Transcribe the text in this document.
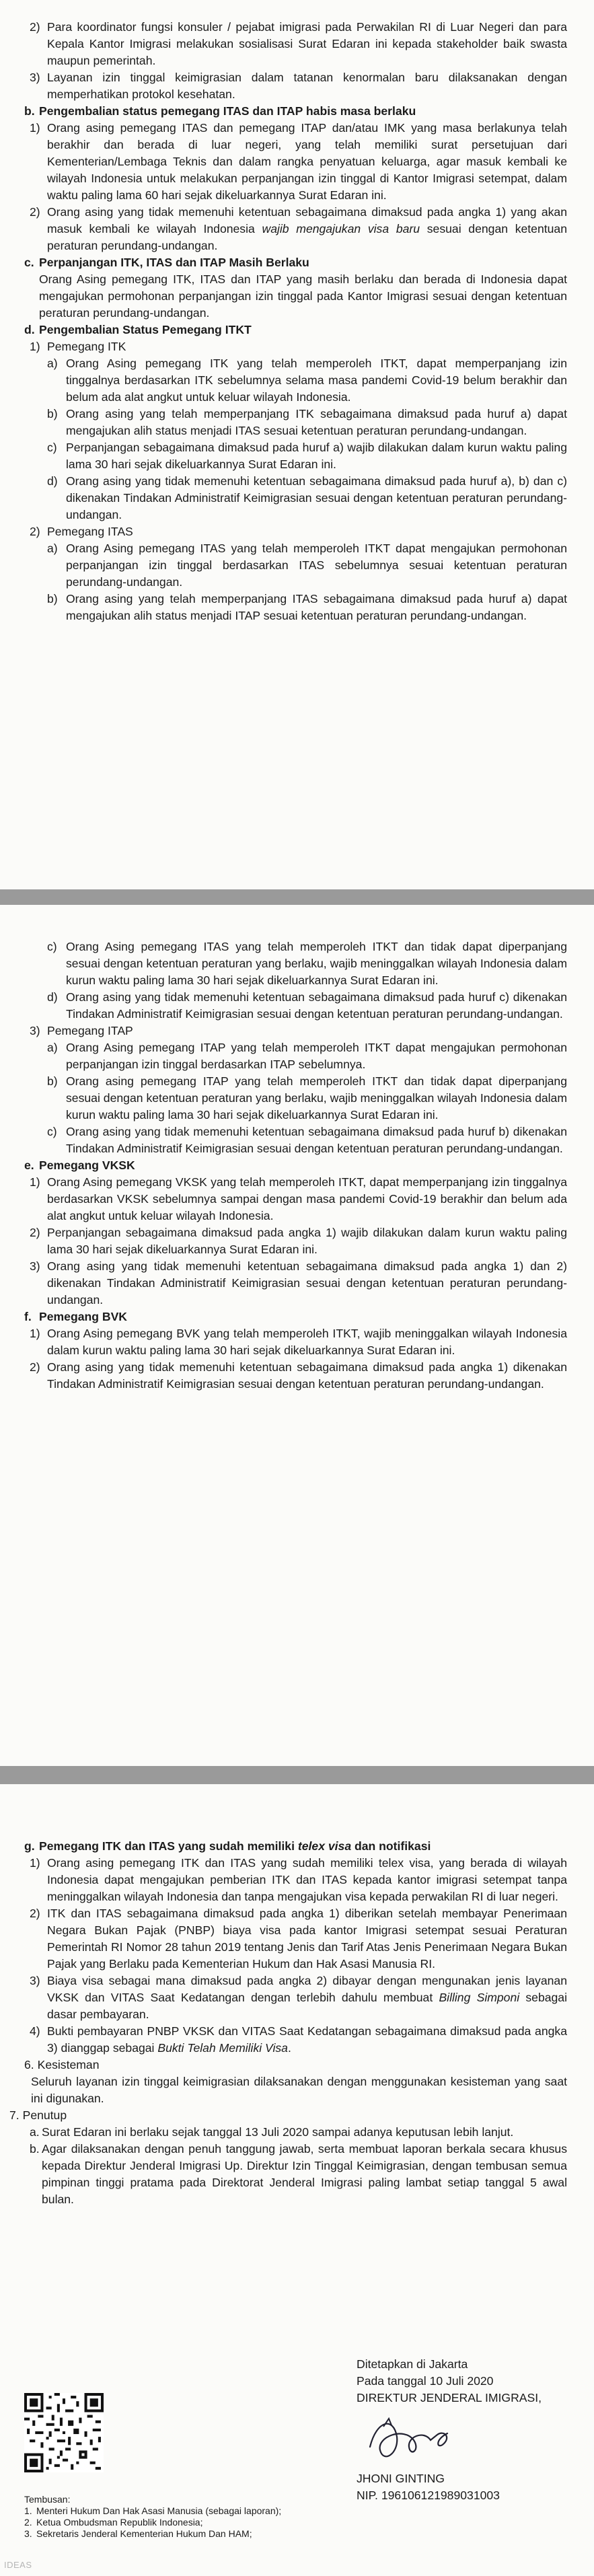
2) Para koordinator fungsi konsuler / pejabat imigrasi pada Perwakilan RI di Luar Negeri dan para Kepala Kantor Imigrasi melakukan sosialisasi Surat Edaran ini kepada stakeholder baik swasta maupun pemerintah.
3) Layanan izin tinggal keimigrasian dalam tatanan kenormalan baru dilaksanakan dengan memperhatikan protokol kesehatan.
b. Pengembalian status pemegang ITAS dan ITAP habis masa berlaku
1) Orang asing pemegang ITAS dan pemegang ITAP dan/atau IMK yang masa berlakunya telah berakhir dan berada di luar negeri, yang telah memiliki surat persetujuan dari Kementerian/Lembaga Teknis dan dalam rangka penyatuan keluarga, agar masuk kembali ke wilayah Indonesia untuk melakukan perpanjangan izin tinggal di Kantor Imigrasi setempat, dalam waktu paling lama 60 hari sejak dikeluarkannya Surat Edaran ini.
2) Orang asing yang tidak memenuhi ketentuan sebagaimana dimaksud pada angka 1) yang akan masuk kembali ke wilayah Indonesia wajib mengajukan visa baru sesuai dengan ketentuan peraturan perundang-undangan.
c. Perpanjangan ITK, ITAS dan ITAP Masih Berlaku
Orang Asing pemegang ITK, ITAS dan ITAP yang masih berlaku dan berada di Indonesia dapat mengajukan permohonan perpanjangan izin tinggal pada Kantor Imigrasi sesuai dengan ketentuan peraturan perundang-undangan.
d. Pengembalian Status Pemegang ITKT
1) Pemegang ITK
a) Orang Asing pemegang ITK yang telah memperoleh ITKT, dapat memperpanjang izin tinggalnya berdasarkan ITK sebelumnya selama masa pandemi Covid-19 belum berakhir dan belum ada alat angkut untuk keluar wilayah Indonesia.
b) Orang asing yang telah memperpanjang ITK sebagaimana dimaksud pada huruf a) dapat mengajukan alih status menjadi ITAS sesuai ketentuan peraturan perundang-undangan.
c) Perpanjangan sebagaimana dimaksud pada huruf a) wajib dilakukan dalam kurun waktu paling lama 30 hari sejak dikeluarkannya Surat Edaran ini.
d) Orang asing yang tidak memenuhi ketentuan sebagaimana dimaksud pada huruf a), b) dan c) dikenakan Tindakan Administratif Keimigrasian sesuai dengan ketentuan peraturan perundang-undangan.
2) Pemegang ITAS
a) Orang Asing pemegang ITAS yang telah memperoleh ITKT dapat mengajukan permohonan perpanjangan izin tinggal berdasarkan ITAS sebelumnya sesuai ketentuan peraturan perundang-undangan.
b) Orang asing yang telah memperpanjang ITAS sebagaimana dimaksud pada huruf a) dapat mengajukan alih status menjadi ITAP sesuai ketentuan peraturan perundang-undangan.
c) Orang Asing pemegang ITAS yang telah memperoleh ITKT dan tidak dapat diperpanjang sesuai dengan ketentuan peraturan yang berlaku, wajib meninggalkan wilayah Indonesia dalam kurun waktu paling lama 30 hari sejak dikeluarkannya Surat Edaran ini.
d) Orang asing yang tidak memenuhi ketentuan sebagaimana dimaksud pada huruf c) dikenakan Tindakan Administratif Keimigrasian sesuai dengan ketentuan peraturan perundang-undangan.
3) Pemegang ITAP
a) Orang Asing pemegang ITAP yang telah memperoleh ITKT dapat mengajukan permohonan perpanjangan izin tinggal berdasarkan ITAP sebelumnya.
b) Orang asing pemegang ITAP yang telah memperoleh ITKT dan tidak dapat diperpanjang sesuai dengan ketentuan peraturan yang berlaku, wajib meninggalkan wilayah Indonesia dalam kurun waktu paling lama 30 hari sejak dikeluarkannya Surat Edaran ini.
c) Orang asing yang tidak memenuhi ketentuan sebagaimana dimaksud pada huruf b) dikenakan Tindakan Administratif Keimigrasian sesuai dengan ketentuan peraturan perundang-undangan.
e. Pemegang VKSK
1) Orang Asing pemegang VKSK yang telah memperoleh ITKT, dapat memperpanjang izin tinggalnya berdasarkan VKSK sebelumnya sampai dengan masa pandemi Covid-19 berakhir dan belum ada alat angkut untuk keluar wilayah Indonesia.
2) Perpanjangan sebagaimana dimaksud pada angka 1) wajib dilakukan dalam kurun waktu paling lama 30 hari sejak dikeluarkannya Surat Edaran ini.
3) Orang asing yang tidak memenuhi ketentuan sebagaimana dimaksud pada angka 1) dan 2) dikenakan Tindakan Administratif Keimigrasian sesuai dengan ketentuan peraturan perundang-undangan.
f. Pemegang BVK
1) Orang Asing pemegang BVK yang telah memperoleh ITKT, wajib meninggalkan wilayah Indonesia dalam kurun waktu paling lama 30 hari sejak dikeluarkannya Surat Edaran ini.
2) Orang asing yang tidak memenuhi ketentuan sebagaimana dimaksud pada angka 1) dikenakan Tindakan Administratif Keimigrasian sesuai dengan ketentuan peraturan perundang-undangan.
g. Pemegang ITK dan ITAS yang sudah memiliki telex visa dan notifikasi
1) Orang asing pemegang ITK dan ITAS yang sudah memiliki telex visa, yang berada di wilayah Indonesia dapat mengajukan pemberian ITK dan ITAS kepada kantor imigrasi setempat tanpa meninggalkan wilayah Indonesia dan tanpa mengajukan visa kepada perwakilan RI di luar negeri.
2) ITK dan ITAS sebagaimana dimaksud pada angka 1) diberikan setelah membayar Penerimaan Negara Bukan Pajak (PNBP) biaya visa pada kantor Imigrasi setempat sesuai Peraturan Pemerintah RI Nomor 28 tahun 2019 tentang Jenis dan Tarif Atas Jenis Penerimaan Negara Bukan Pajak yang Berlaku pada Kementerian Hukum dan Hak Asasi Manusia RI.
3) Biaya visa sebagai mana dimaksud pada angka 2) dibayar dengan mengunakan jenis layanan VKSK dan VITAS Saat Kedatangan dengan terlebih dahulu membuat Billing Simponi sebagai dasar pembayaran.
4) Bukti pembayaran PNBP VKSK dan VITAS Saat Kedatangan sebagaimana dimaksud pada angka 3) dianggap sebagai Bukti Telah Memiliki Visa.
6. Kesisteman
Seluruh layanan izin tinggal keimigrasian dilaksanakan dengan menggunakan kesisteman yang saat ini digunakan.
7. Penutup
a. Surat Edaran ini berlaku sejak tanggal 13 Juli 2020 sampai adanya keputusan lebih lanjut.
b. Agar dilaksanakan dengan penuh tanggung jawab, serta membuat laporan berkala secara khusus kepada Direktur Jenderal Imigrasi Up. Direktur Izin Tinggal Keimigrasian, dengan tembusan semua pimpinan tinggi pratama pada Direktorat Jenderal Imigrasi paling lambat setiap tanggal 5 awal bulan.
Ditetapkan di Jakarta
Pada tanggal 10 Juli 2020
DIREKTUR JENDERAL IMIGRASI,
JHONI GINTING
NIP. 196106121989031003
Tembusan:
1. Menteri Hukum Dan Hak Asasi Manusia (sebagai laporan);
2. Ketua Ombudsman Republik Indonesia;
3. Sekretaris Jenderal Kementerian Hukum Dan HAM;
IDEAS
